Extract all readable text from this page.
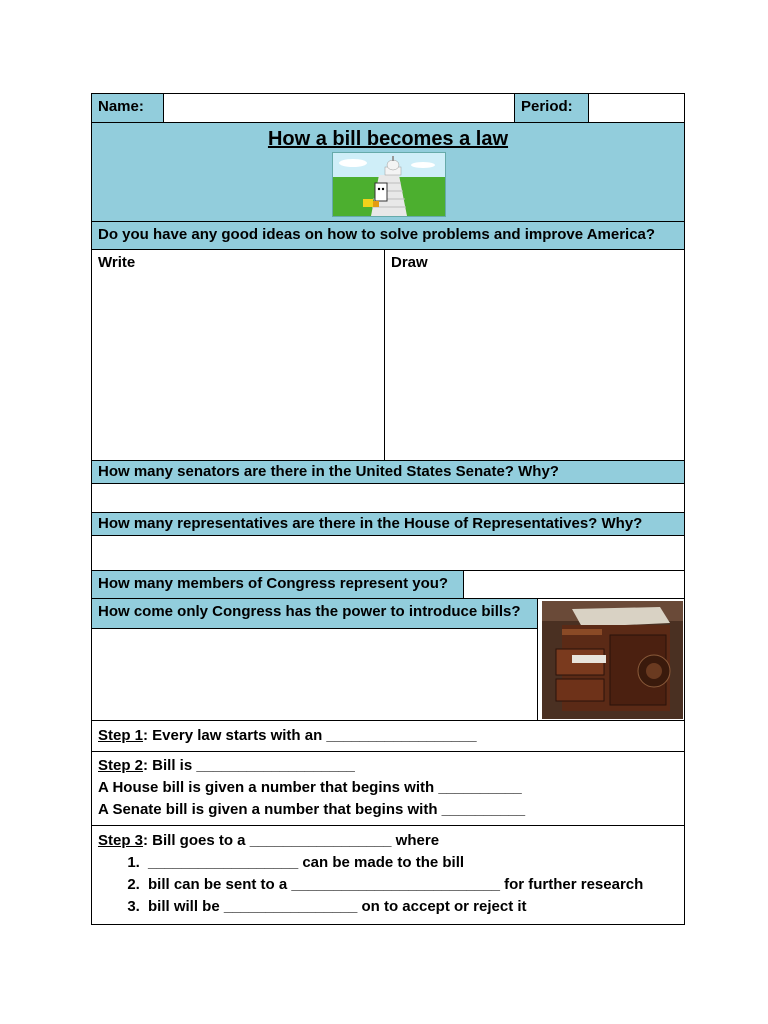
Name:	Period:
How a bill becomes a law
Do you have any good ideas on how to solve problems and improve America?
Write	Draw
How many senators are there in the United States Senate? Why?
How many representatives are there in the House of Representatives? Why?
How many members of Congress represent you?
How come only Congress has the power to introduce bills?
Step 1: Every law starts with an __________________
Step 2: Bill is ___________________
A House bill is given a number that begins with __________
A Senate bill is given a number that begins with __________
Step 3: Bill goes to a _________________ where
1. __________________ can be made to the bill
2. bill can be sent to a _________________________ for further research
3. bill will be ________________ on to accept or reject it
